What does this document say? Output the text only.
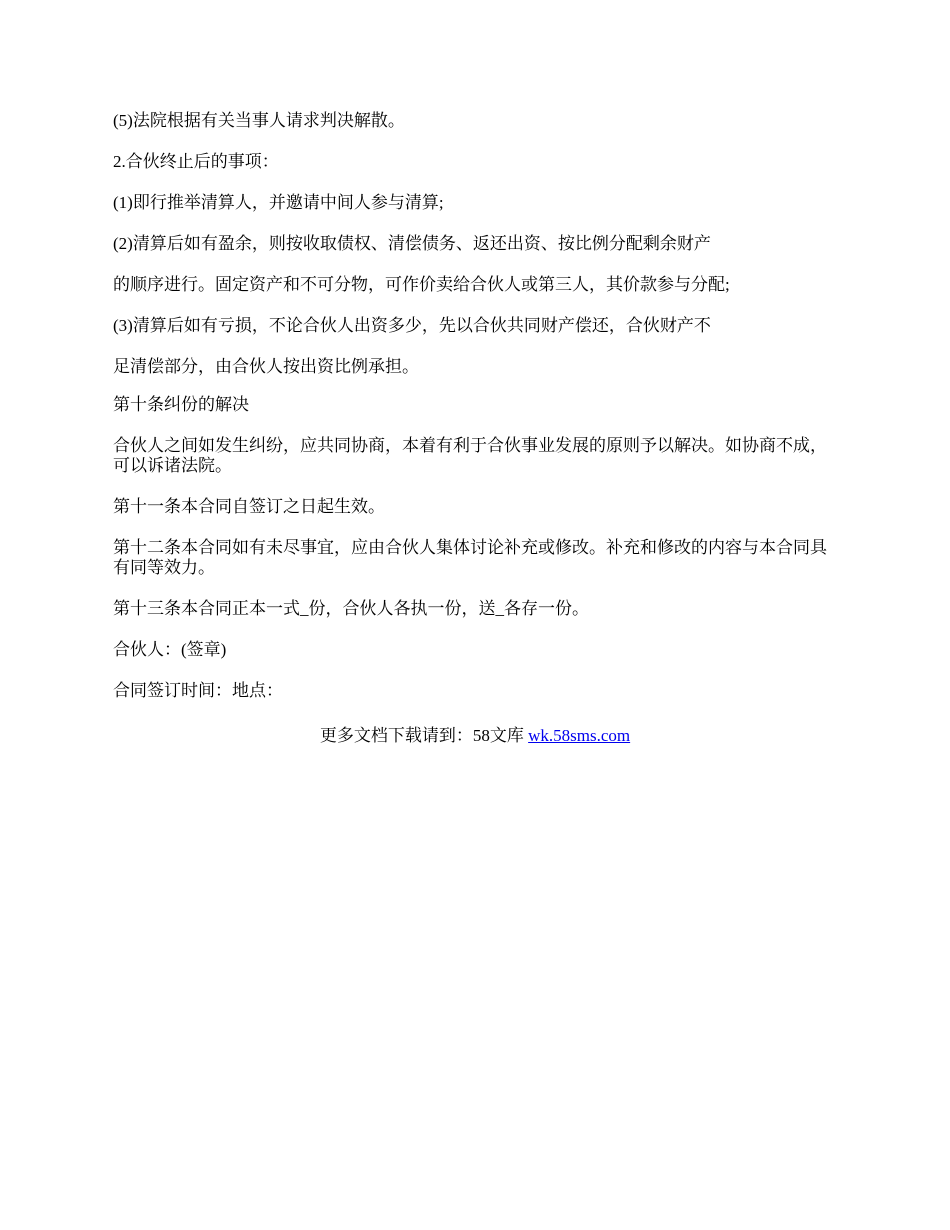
(5)法院根据有关当事人请求判决解散。

2.合伙终止后的事项：

(1)即行推举清算人，并邀请中间人参与清算;

(2)清算后如有盈余，则按收取债权、清偿债务、返还出资、按比例分配剩余财产

的顺序进行。固定资产和不可分物，可作价卖给合伙人或第三人，其价款参与分配;

(3)清算后如有亏损，不论合伙人出资多少，先以合伙共同财产偿还，合伙财产不

足清偿部分，由合伙人按出资比例承担。

第十条纠份的解决

合伙人之间如发生纠纷，应共同协商，本着有利于合伙事业发展的原则予以解决。如协商不成，可以诉诸法院。

第十一条本合同自签订之日起生效。

第十二条本合同如有未尽事宜，应由合伙人集体讨论补充或修改。补充和修改的内容与本合同具有同等效力。

第十三条本合同正本一式_份，合伙人各执一份，送_各存一份。

合伙人：(签章)

合同签订时间：地点：

更多文档下载请到：58文库 wk.58sms.com
